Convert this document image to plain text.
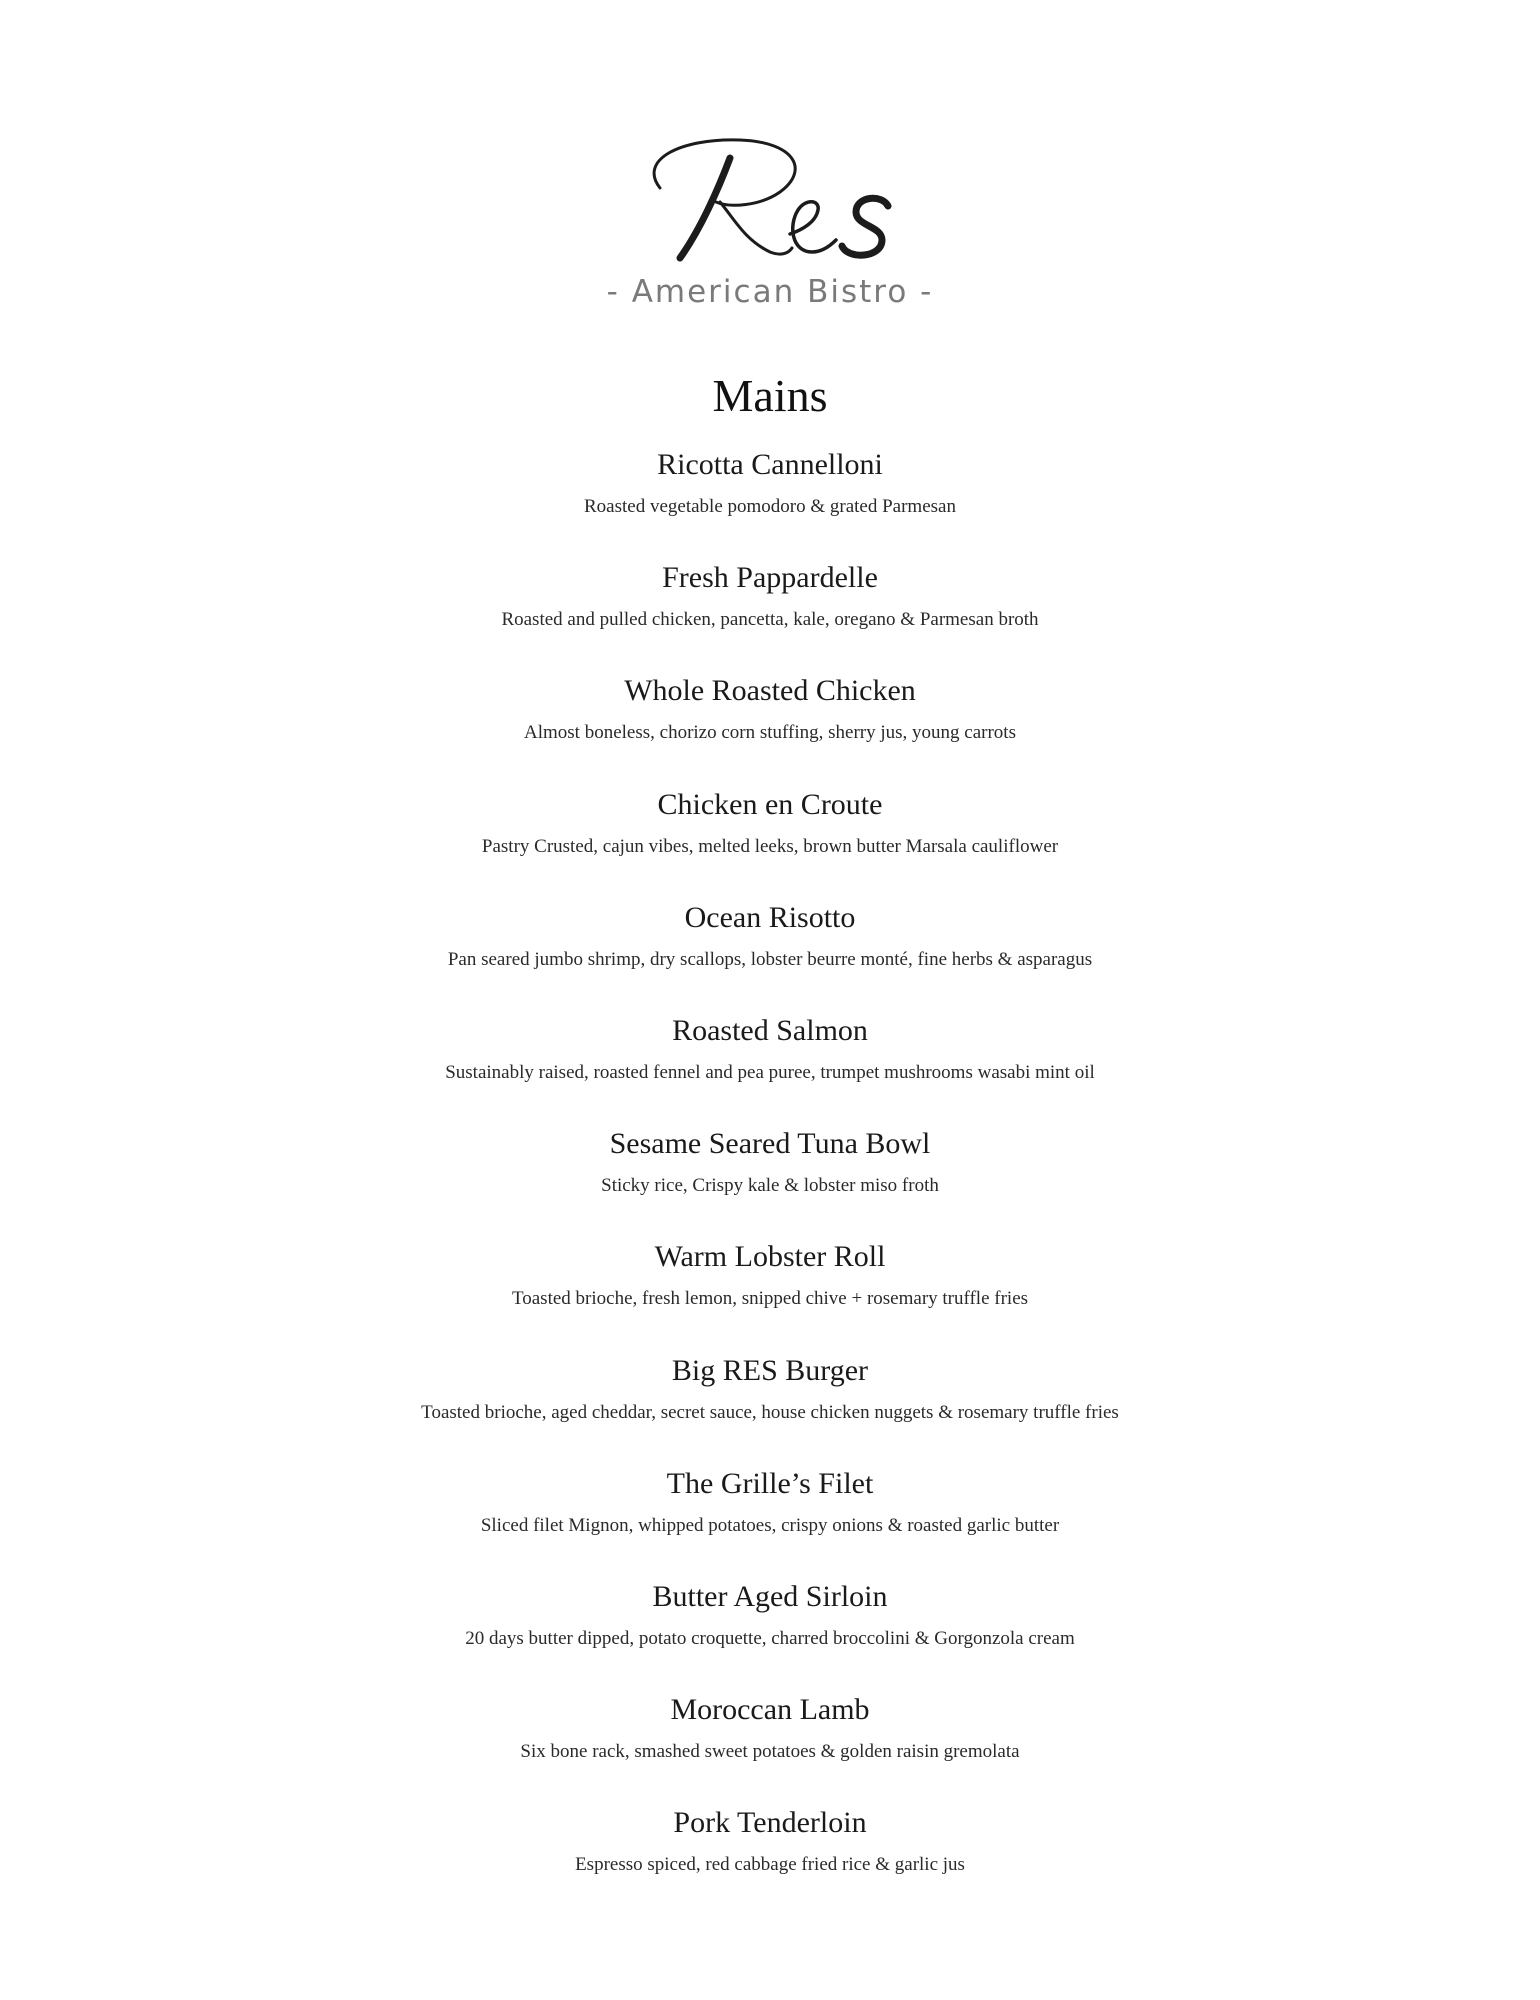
- American Bistro -
Mains
Ricotta Cannelloni
Roasted vegetable pomodoro & grated Parmesan
Fresh Pappardelle
Roasted and pulled chicken, pancetta, kale, oregano & Parmesan broth
Whole Roasted Chicken
Almost boneless, chorizo corn stuffing, sherry jus, young carrots
Chicken en Croute
Pastry Crusted, cajun vibes, melted leeks, brown butter Marsala cauliflower
Ocean Risotto
Pan seared jumbo shrimp, dry scallops, lobster beurre monté, fine herbs & asparagus
Roasted Salmon
Sustainably raised, roasted fennel and pea puree, trumpet mushrooms wasabi mint oil
Sesame Seared Tuna Bowl
Sticky rice, Crispy kale & lobster miso froth
Warm Lobster Roll
Toasted brioche, fresh lemon, snipped chive + rosemary truffle fries
Big RES Burger
Toasted brioche, aged cheddar, secret sauce, house chicken nuggets & rosemary truffle fries
The Grille’s Filet
Sliced filet Mignon, whipped potatoes, crispy onions & roasted garlic butter
Butter Aged Sirloin
20 days butter dipped, potato croquette, charred broccolini & Gorgonzola cream
Moroccan Lamb
Six bone rack, smashed sweet potatoes & golden raisin gremolata
Pork Tenderloin
Espresso spiced, red cabbage fried rice & garlic jus
